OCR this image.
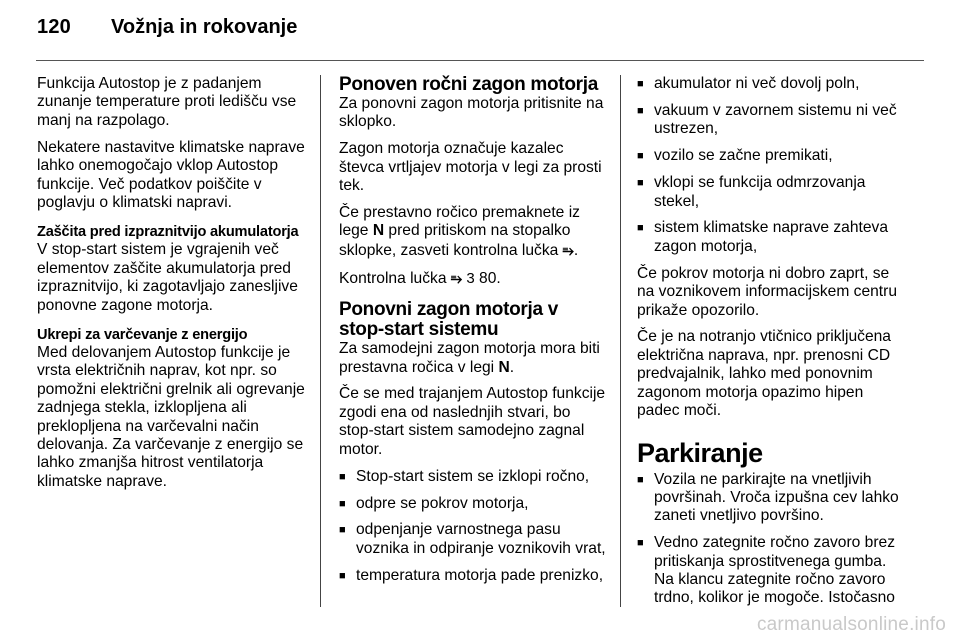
120	Vožnja in rokovanje

Funkcija Autostop je z padanjem zunanje temperature proti ledišču vse manj na razpolago.

Nekatere nastavitve klimatske naprave lahko onemogočajo vklop Autostop funkcije. Več podatkov poiščite v poglavju o klimatski napravi.

Zaščita pred izpraznitvijo akumulatorja

V stop-start sistem je vgrajenih več elementov zaščite akumulatorja pred izpraznitvijo, ki zagotavljajo zanesljive ponovne zagone motorja.

Ukrepi za varčevanje z energijo

Med delovanjem Autostop funkcije je vrsta električnih naprav, kot npr. so pomožni električni grelnik ali ogrevanje zadnjega stekla, izklopljena ali preklopljena na varčevalni način delovanja. Za varčevanje z energijo se lahko zmanjša hitrost ventilatorja klimatske naprave.

Ponoven ročni zagon motorja

Za ponovni zagon motorja pritisnite na sklopko.

Zagon motorja označuje kazalec števca vrtljajev motorja v legi za prosti tek.

Če prestavno ročico premaknete iz lege N pred pritiskom na stopalko sklopke, zasveti kontrolna lučka ⥱.

Kontrolna lučka ⥱ 3 80.

Ponovni zagon motorja v stop-start sistemu

Za samodejni zagon motorja mora biti prestavna ročica v legi N.

Če se med trajanjem Autostop funkcije zgodi ena od naslednjih stvari, bo stop-start sistem samodejno zagnal motor.

■ Stop-start sistem se izklopi ročno,
■ odpre se pokrov motorja,
■ odpenjanje varnostnega pasu voznika in odpiranje voznikovih vrat,
■ temperatura motorja pade prenizko,
■ akumulator ni več dovolj poln,
■ vakuum v zavornem sistemu ni več ustrezen,
■ vozilo se začne premikati,
■ vklopi se funkcija odmrzovanja stekel,
■ sistem klimatske naprave zahteva zagon motorja,

Če pokrov motorja ni dobro zaprt, se na voznikovem informacijskem centru prikaže opozorilo.

Če je na notranjo vtičnico priključena električna naprava, npr. prenosni CD predvajalnik, lahko med ponovnim zagonom motorja opazimo hipen padec moči.

Parkiranje
■ Vozila ne parkirajte na vnetljivih površinah. Vroča izpušna cev lahko zaneti vnetljivo površino.
■ Vedno zategnite ročno zavoro brez pritiskanja sprostitvenega gumba. Na klancu zategnite ročno zavoro trdno, kolikor je mogoče. Istočasno
carmanualsonline.info
